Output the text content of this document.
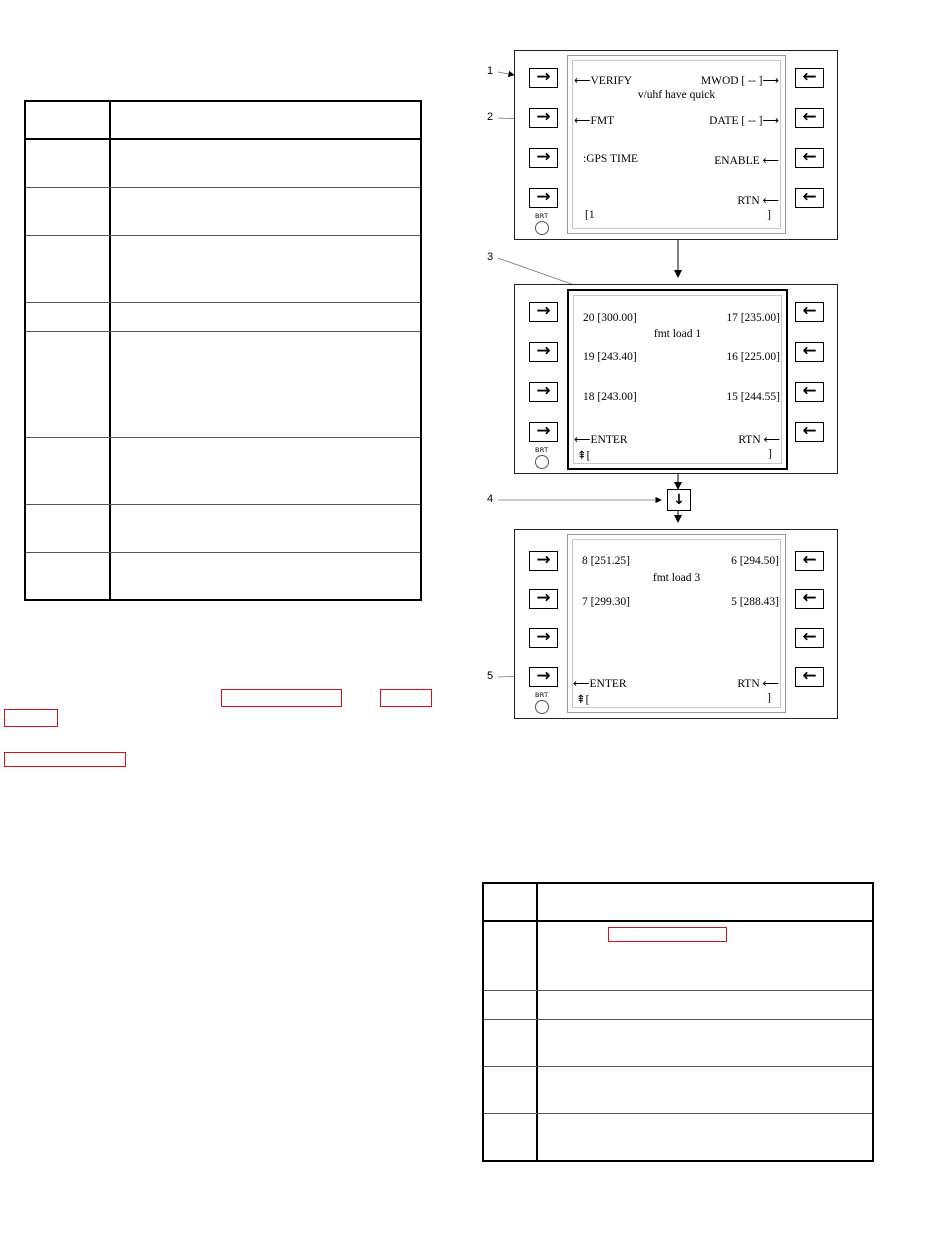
1
2
3
4
5
↓
→
→
→
→
←
←
←
←
BRT
⟵VERIFY	MWOD [ -- ]⟶
v/uhf have quick
⟵FMT	DATE [ -- ]⟶
:GPS TIME	ENABLE ⟵
RTN ⟵
[1	]
→
→
→
→
←
←
←
←
BRT
20 [300.00]	17 [235.00]
fmt load 1
19 [243.40]	16 [225.00]
18 [243.00]	15 [244.55]
⟵ENTER	RTN ⟵
⇞[	]
→
→
→
→
←
←
←
←
BRT
8 [251.25]	6 [294.50]
fmt load 3
7 [299.30]	5 [288.43]
⟵ENTER	RTN ⟵
⇞[	]
